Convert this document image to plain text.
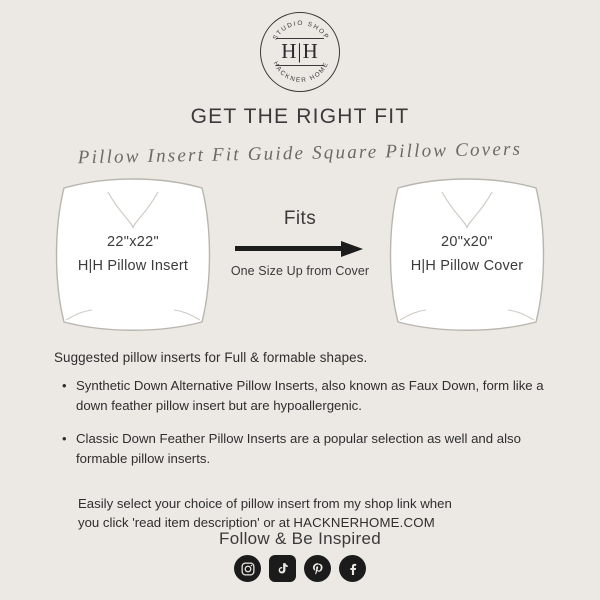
STUDIO SHOP
H|H
HACKNER HOME
GET THE RIGHT FIT
Pillow Insert Fit Guide Square Pillow Covers
22"x22"
H|H Pillow Insert
Fits
One Size Up from Cover
20"x20"
H|H Pillow Cover
Suggested pillow inserts for Full & formable shapes.
• Synthetic Down Alternative Pillow Inserts, also known as Faux Down, form like a down feather pillow insert but are hypoallergenic.
• Classic Down Feather Pillow Inserts are a popular selection as well and also formable pillow inserts.
Easily select your choice of pillow insert from my shop link when
you click 'read item description' or at HACKNERHOME.COM
Follow & Be Inspired
